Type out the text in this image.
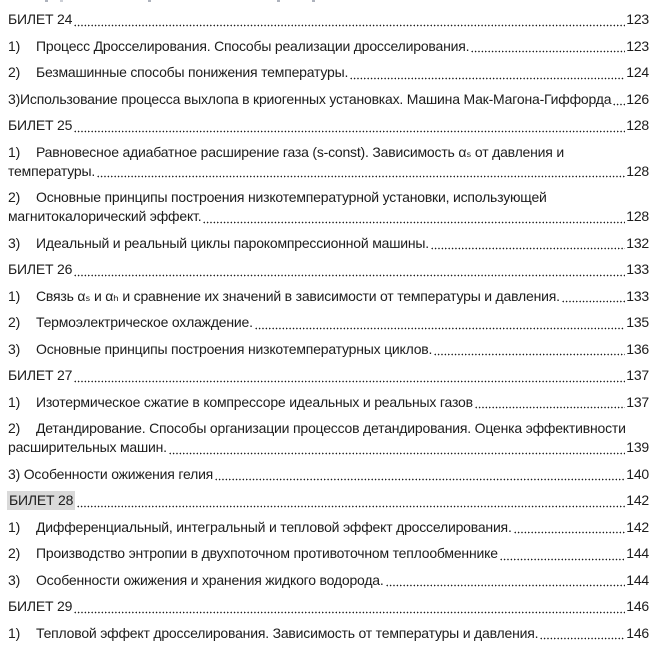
БИЛЕТ 24	123
1)	Процесс Дросселирования. Способы реализации дросселирования.	123
2)	Безмашинные способы понижения температуры.	124
3)Использование процесса выхлопа в криогенных установках. Машина Мак-Магона-Гиффорда 126
БИЛЕТ 25	128
1)	Равновесное адиабатное расширение газа (s-const). Зависимость αₛ от давления и
температуры.	128
2)	Основные принципы построения низкотемпературной установки, использующей
магнитокалорический эффект.	128
3)	Идеальный и реальный циклы парокомпрессионной машины.	132
БИЛЕТ 26	133
1)	Связь αₛ и αₕ и сравнение их значений в зависимости от температуры и давления.	133
2)	Термоэлектрическое охлаждение.	135
3)	Основные принципы построения низкотемпературных циклов.	136
БИЛЕТ 27	137
1)	Изотермическое сжатие в компрессоре идеальных и реальных газов	137
2)	Детандирование. Способы организации процессов детандирования. Оценка эффективности
расширительных машин.	139
3) Особенности ожижения гелия	140
БИЛЕТ 28	142
1)	Дифференциальный, интегральный и тепловой эффект дросселирования.	142
2)	Производство энтропии в двухпоточном противоточном теплообменнике	144
3)	Особенности ожижения и хранения жидкого водорода.	144
БИЛЕТ 29	146
1)	Тепловой эффект дросселирования. Зависимость от температуры и давления.	146
